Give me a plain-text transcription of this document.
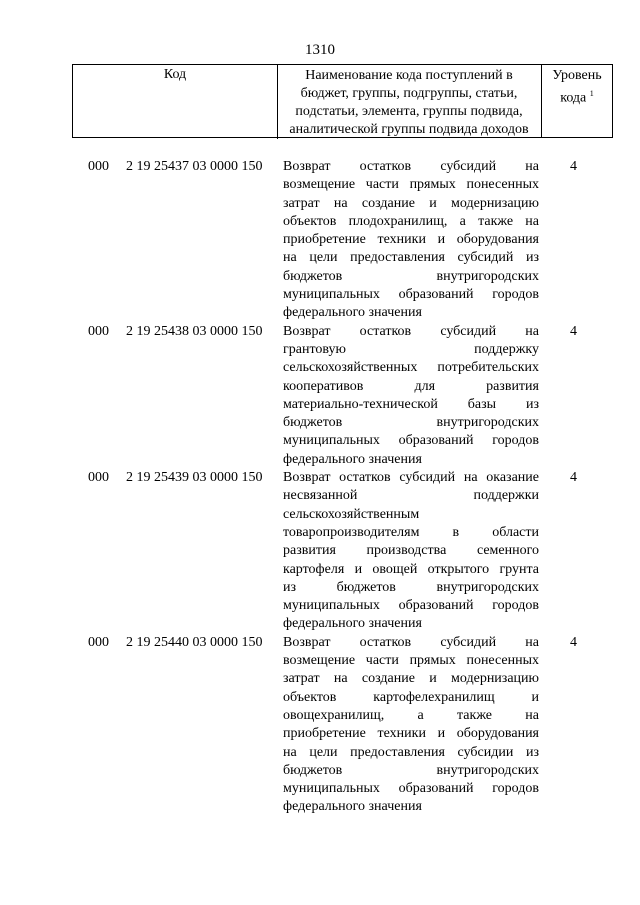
1310
Код	Наименование кода поступлений в
бюджет, группы, подгруппы, статьи,
подстатьи, элемента, группы подвида,
аналитической группы подвида доходов
Уровень
кода $^1$
000 2 19 25437 03 0000 150 Возврат остатков субсидий на
возмещение части прямых понесенных
затрат на создание и модернизацию
объектов плодохранилищ, а также на
приобретение техники и оборудования
на цели предоставления субсидий из
бюджетов внутригородских
муниципальных образований городов
федерального значения
4
000 2 19 25438 03 0000 150 Возврат остатков субсидий на
грантовую поддержку
сельскохозяйственных потребительских
кооперативов для развития
материально-технической базы из
бюджетов внутригородских
муниципальных образований городов
федерального значения
4
000 2 19 25439 03 0000 150 Возврат остатков субсидий на оказание
несвязанной поддержки
сельскохозяйственным
товаропроизводителям в области
развития производства семенного
картофеля и овощей открытого грунта
из бюджетов внутригородских
муниципальных образований городов
федерального значения
4
000 2 19 25440 03 0000 150 Возврат остатков субсидий на
возмещение части прямых понесенных
затрат на создание и модернизацию
объектов картофелехранилищ и
овощехранилищ, а также на
приобретение техники и оборудования
на цели предоставления субсидии из
бюджетов внутригородских
муниципальных образований городов
федерального значения
4
